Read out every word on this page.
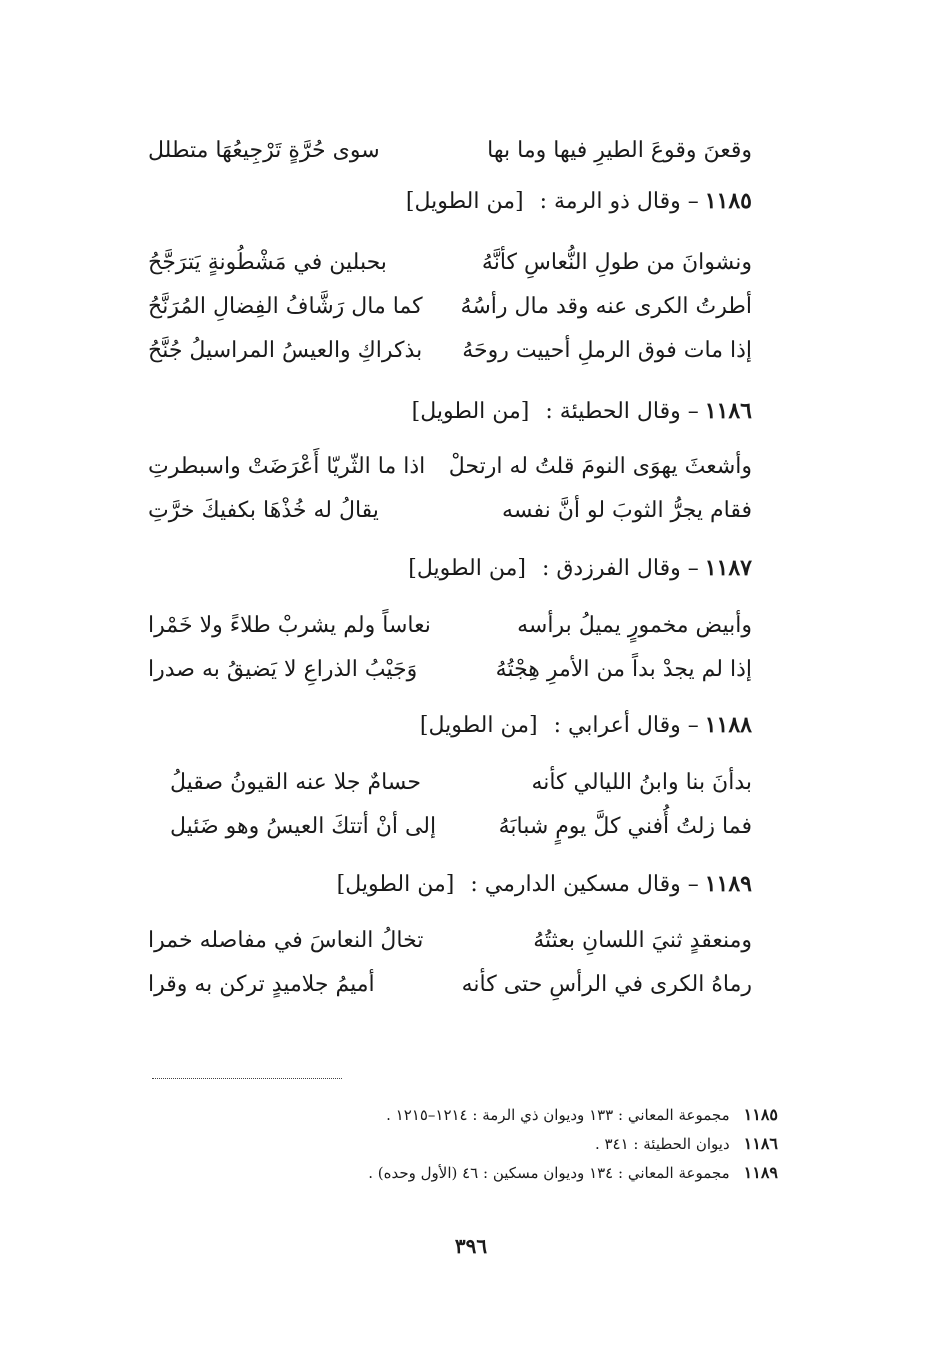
وقعنَ وقوعَ الطيرِ فيها وما بها
سوى حُرَّةٍ تَرْجِيعُهَا متطلل
١١٨٥
– وقال ذو الرمة :
[من الطويل]
ونشوانَ من طولِ النُّعاسِ كأنَّهُ
بحبلين في مَشْطُونةٍ يَترَجَّحُ
أطرتُ الكرى عنه وقد مال رأسُهُ
كما مال رَشَّافُ الفِضالِ المُرَنَّحُ
إذا مات فوق الرملِ أحييت روحَهُ
بذكراكِ والعيسُ المراسيلُ جُنَّحُ
١١٨٦
– وقال الحطيئة :
[من الطويل]
وأشعثَ يهوَى النومَ قلتُ له ارتحلْ
اذا ما الثّريّا أَعْرَضَتْ واسبطرتِ
فقام يجرُّ الثوبَ لو أنَّ نفسه
يقالُ له خُذْهَا بكفيكَ خرَّتِ
١١٨٧
– وقال الفرزدق :
[من الطويل]
وأبيض مخمورٍ يميلُ برأسه
نعاساً ولم يشربْ طلاءً ولا خَمْرا
إذا لم يجدْ بداً من الأمرِ هِجْتُهُ
وَجَيْبُ الذراعِ لا يَضيقُ به صدرا
١١٨٨
– وقال أعرابي :
[من الطويل]
بدأنَ بنا وابنُ الليالي كأنه
حسامٌ جلا عنه القيونُ صقيلُ
فما زلتُ أُفني كلَّ يومٍ شبابَهُ
إلى أنْ أتتكَ العيسُ وهو ضَئيل
١١٨٩
– وقال مسكين الدارمي :
[من الطويل]
ومنعقدٍ ثنيَ اللسانِ بعثتُهُ
تخالُ النعاسَ في مفاصله خمرا
رماهُ الكرى في الرأسِ حتى كأنه
أميمُ جلاميدٍ تركن به وقرا
١١٨٥
مجموعة المعاني : ١٣٣ وديوان ذي الرمة : ١٢١٤–١٢١٥ .
١١٨٦
ديوان الحطيئة : ٣٤١ .
١١٨٩
مجموعة المعاني : ١٣٤ وديوان مسكين : ٤٦ (الأول وحده) .
٣٩٦
